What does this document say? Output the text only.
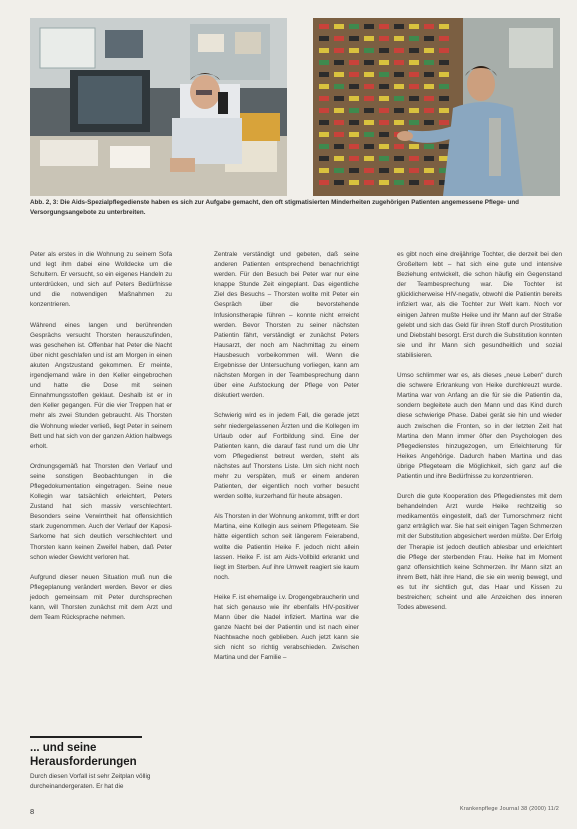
Abb. 2, 3: Die Aids-Spezialpflegedienste haben es sich zur Aufgabe gemacht, den oft stigmatisierten Minderheiten zugehörigen Patienten angemessene Pflege- und Versorgungsangebote zu unterbreiten.

Peter als erstes in die Wohnung zu seinem Sofa und legt ihm dabei eine Wolldecke um die Schultern. Er versucht, so ein eigenes Handeln zu unterdrücken, und sich auf Peters Bedürfnisse und die notwendigen Maßnahmen zu konzentrieren.

Während eines langen und berührenden Gesprächs versucht Thorsten herauszufinden, was geschehen ist. Offenbar hat Peter die Nacht über nicht geschlafen und ist am Morgen in einen akuten Angstzustand gekommen. Er meinte, irgendjemand wäre in den Keller eingebrochen und hatte die Dose mit seinen Einnahmungsstoffen geklaut. Deshalb ist er in den Keller gegangen. Für die vier Treppen hat er mehr als zwei Stunden gebraucht. Als Thorsten die Wohnung wieder verließ, liegt Peter in seinem Bett und hat sich von der ganzen Aktion halbwegs erholt.

Ordnungsgemäß hat Thorsten den Verlauf und seine sonstigen Beobachtungen in die Pflegedokumentation eingetragen. Seine neue Kollegin war tatsächlich erleichtert, Peters Zustand hat sich massiv verschlechtert. Besonders seine Verwirrtheit hat offensichtlich stark zugenommen. Auch der Verlauf der Kaposi-Sarkome hat sich deutlich verschlechtert und Thorsten kann keinen Zweifel haben, daß Peter schon wieder Gewicht verloren hat.

Aufgrund dieser neuen Situation muß nun die Pflegeplanung verändert werden. Bevor er dies jedoch gemeinsam mit Peter durchsprechen kann, will Thorsten zunächst mit dem Arzt und dem Team Rücksprache nehmen.

... und seine
Herausforderungen
Durch diesen Vorfall ist sehr Zeitplan völlig durcheinandergeraten. Er hat die

Zentrale verständigt und gebeten, daß seine anderen Patienten entsprechend benachrichtigt werden. Für den Besuch bei Peter war nur eine knappe Stunde Zeit eingeplant. Das eigentliche Ziel des Besuchs – Thorsten wollte mit Peter ein Gespräch über die bevorstehende Infusionstherapie führen – konnte nicht erreicht werden. Bevor Thorsten zu seiner nächsten Patientin fährt, verständigt er zunächst Peters Hausarzt, der noch am Nachmittag zu einem Hausbesuch vorbeikommen will. Wenn die Ergebnisse der Untersuchung vorliegen, kann am nächsten Morgen in der Teambesprechung dann über eine Aufstockung der Pflege von Peter diskutiert werden.

Schwierig wird es in jedem Fall, die gerade jetzt sehr niedergelassenen Ärzten und die Kollegen im Urlaub oder auf Fortbildung sind. Eine der Patienten kann, die darauf fast rund um die Uhr vom Pflegedienst betreut werden, steht als nächstes auf Thorstens Liste. Um sich nicht noch mehr zu verspäten, muß er einem anderen Patienten, der eigentlich noch vorher besucht werden sollte, kurzerhand für heute absagen.

Als Thorsten in der Wohnung ankommt, trifft er dort Martina, eine Kollegin aus seinem Pflegeteam. Sie hätte eigentlich schon seit längerem Feierabend, wollte die Patientin Heike F. jedoch nicht allein lassen. Heike F. ist am Aids-Vollbild erkrankt und liegt im Sterben. Auf ihre Umwelt reagiert sie kaum noch.

Heike F. ist ehemalige i.v. Drogengebraucherin und hat sich genauso wie ihr ebenfalls HIV-positiver Mann über die Nadel infiziert. Martina war die ganze Nacht bei der Patientin und ist nach einer Nachtwache noch geblieben. Auch jetzt kann sie sich nicht so richtig verabschieden. Zwischen Martina und der Familie –

es gibt noch eine dreijährige Tochter, die derzeit bei den Großeltern lebt – hat sich eine gute und intensive Beziehung entwickelt, die schon häufig ein Gegenstand der Teambesprechung war. Die Tochter ist glücklicherweise HIV-negativ, obwohl die Patientin bereits infiziert war, als die Tochter zur Welt kam. Noch vor einigen Jahren mußte Heike und ihr Mann auf der Straße gelebt und sich das Geld für ihren Stoff durch Prostitution und Diebstahl besorgt. Erst durch die Substitution konnten sie und ihr Mann sich gesundheitlich und sozial stabilisieren.

Umso schlimmer war es, als dieses „neue Leben" durch die schwere Erkrankung von Heike durchkreuzt wurde. Martina war von Anfang an die für sie die Patientin da, sondern begleitete auch den Mann und das Kind durch diese schwierige Phase. Dabei gerät sie hin und wieder auch zwischen die Fronten, so in der letzten Zeit hat Martina den Mann immer öfter den Psychologen des Pflegedienstes hinzugezogen, um Erleichterung für Heikes Angehörige. Dadurch haben Martina und das übrige Pflegeteam die Möglichkeit, sich ganz auf die Patientin und ihre Bedürfnisse zu konzentrieren.

Durch die gute Kooperation des Pflegedienstes mit dem behandelnden Arzt wurde Heike rechtzeitig so medikamentös eingestellt, daß der Tumorschmerz nicht ganz erträglich war. Sie hat seit einigen Tagen Schmerzen mit der Substitution abgesichert werden müßte. Der Erfolg der Therapie ist jedoch deutlich ablesbar und erleichtert die Pflege der sterbenden Frau. Heike hat im Moment ganz offensichtlich keine Schmerzen. Ihr Mann sitzt an ihrem Bett, hält ihre Hand, die sie ein wenig bewegt, und es tut ihr sichtlich gut, das Haar und Kissen zu bestreichen; scheint und alle Anzeichen des inneren Todes abwesend.

8	Krankenpflege Journal 38 (2000) 11/2
